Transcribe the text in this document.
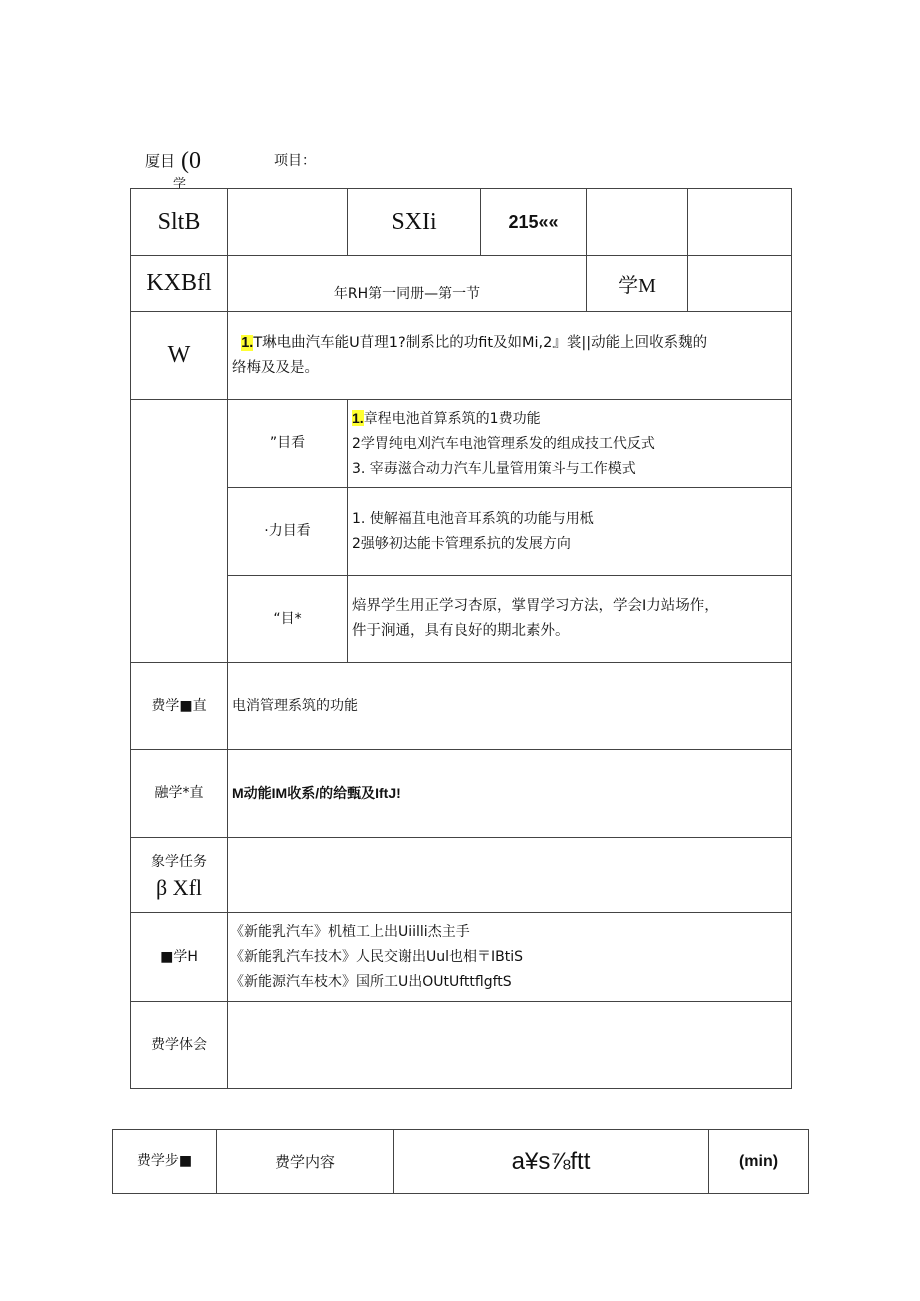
厦目 (0
学
项目：
SltB		SXIi	215««		
KXBfl	年RH第一同册—第一节			学M	
W	1.T琳电曲汽车能U苜理1?制系比的功fit及如Mi,2』裳||动能上回收系魏的
络梅及及是。				

	”目看	1.章程电池首算系筑的1费功能
2学胃纯电刈汽车电池管理系发的组成技工代反式
3. 宰毐滋合动力汽车儿量管用策斗与工作模式			

	·力目看	1. 使解福苴电池音耳系筑的功能与用柢
2强够初达能卡管理系抗的发展方向			

	“目*	焙界学生用正学习杏原，掌胃学习方法，学会I力站场作，
件于涧通，具有良好的期北素外。			

费学■直	电消管理系筑的功能				
融学*直	M动能IM收系/的给甄及IftJ!				

象学任务
β Xfl					

■学H	《新能乳汽车》机植工上出Uiilli杰主手
《新能乳汽车技木》人民交谢出Uul也相〒IBtiS
《新能源汽车枝木》国所工U出OUtUfttflgftS				

费学体会					
费学步■	费学内容	a¥s⅞ftt	(min)
